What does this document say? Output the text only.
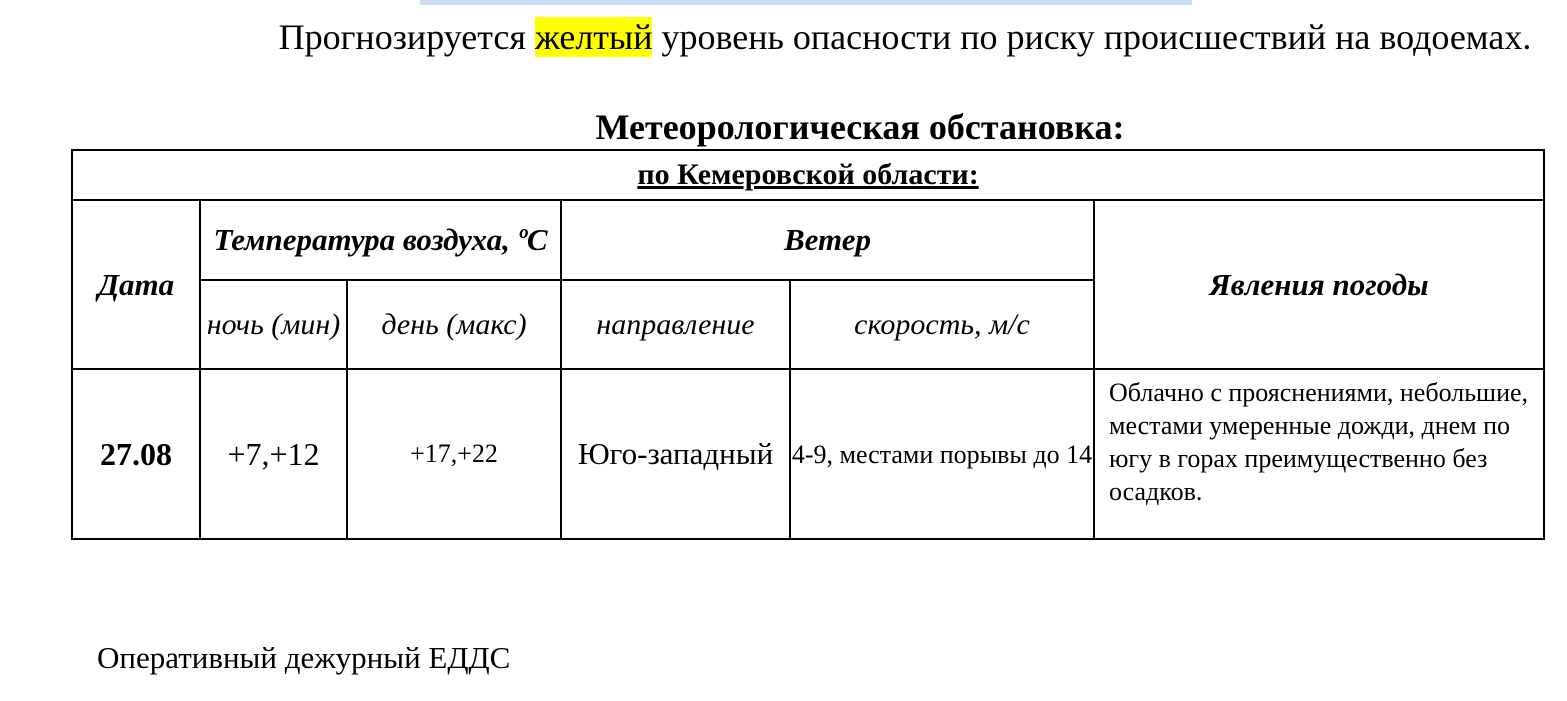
Прогнозируется желтый уровень опасности по риску происшествий на водоемах.
Метеорологическая обстановка:
по Кемеровской области:					
Дата	Температура воздуха, ºС		Ветер		Явления погоды
	ночь (мин)	день (макс)	направление	скорость, м/с	
27.08	+7,+12	+17,+22	Юго-западный	4-9, местами порывы до 14	Облачно с прояснениями, небольшие, местами умеренные дожди, днем по югу в горах преимущественно без осадков.
Оперативный дежурный ЕДДС
